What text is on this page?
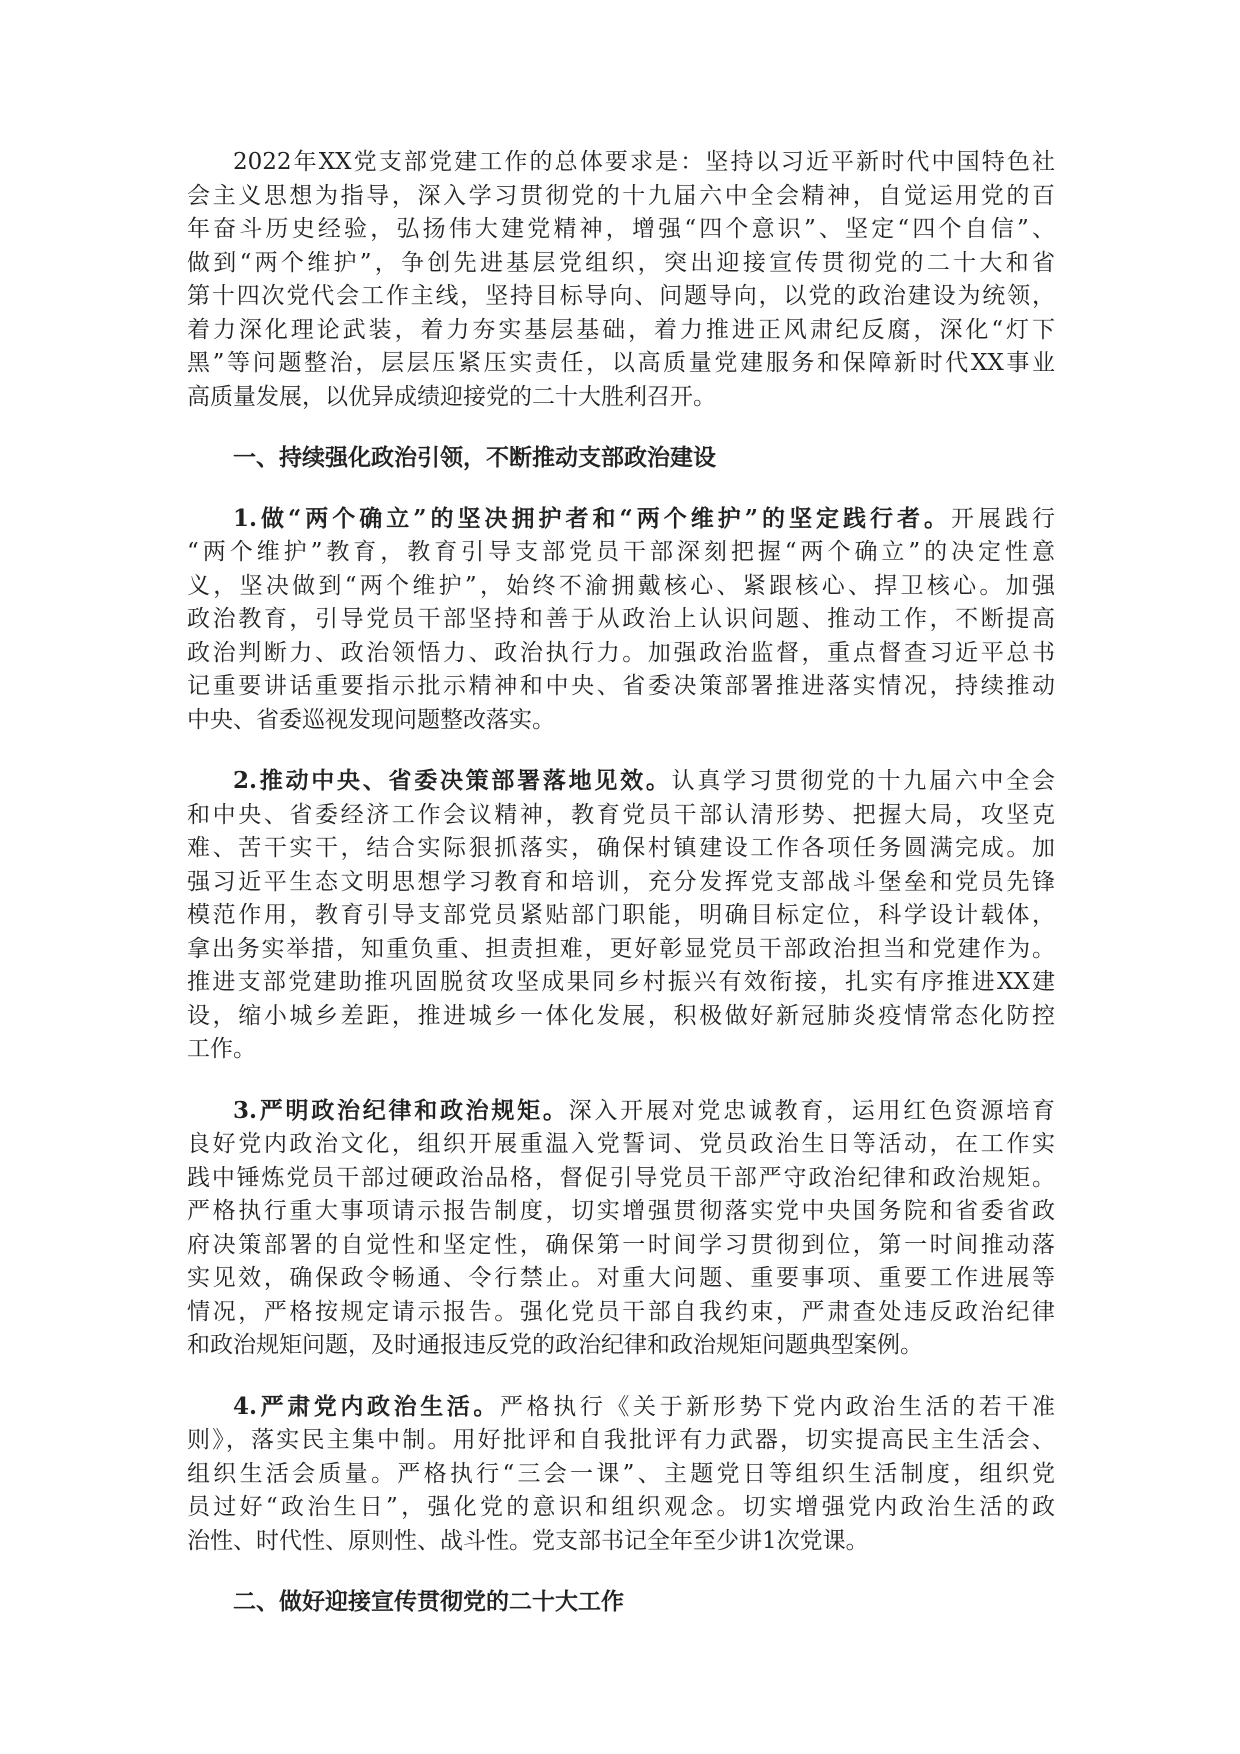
2022年XX党支部党建工作的总体要求是：坚持以习近平新时代中国特色社
会主义思想为指导，深入学习贯彻党的十九届六中全会精神，自觉运用党的百
年奋斗历史经验，弘扬伟大建党精神，增强“四个意识”、坚定“四个自信”、
做到“两个维护”，争创先进基层党组织，突出迎接宣传贯彻党的二十大和省
第十四次党代会工作主线，坚持目标导向、问题导向，以党的政治建设为统领，
着力深化理论武装，着力夯实基层基础，着力推进正风肃纪反腐，深化“灯下
黑”等问题整治，层层压紧压实责任，以高质量党建服务和保障新时代XX事业
高质量发展，以优异成绩迎接党的二十大胜利召开。
一、持续强化政治引领，不断推动支部政治建设
1.做“两个确立”的坚决拥护者和“两个维护”的坚定践行者。开展践行
“两个维护”教育，教育引导支部党员干部深刻把握“两个确立”的决定性意
义，坚决做到“两个维护”，始终不渝拥戴核心、紧跟核心、捍卫核心。加强
政治教育，引导党员干部坚持和善于从政治上认识问题、推动工作，不断提高
政治判断力、政治领悟力、政治执行力。加强政治监督，重点督查习近平总书
记重要讲话重要指示批示精神和中央、省委决策部署推进落实情况，持续推动
中央、省委巡视发现问题整改落实。
2.推动中央、省委决策部署落地见效。认真学习贯彻党的十九届六中全会
和中央、省委经济工作会议精神，教育党员干部认清形势、把握大局，攻坚克
难、苦干实干，结合实际狠抓落实，确保村镇建设工作各项任务圆满完成。加
强习近平生态文明思想学习教育和培训，充分发挥党支部战斗堡垒和党员先锋
模范作用，教育引导支部党员紧贴部门职能，明确目标定位，科学设计载体，
拿出务实举措，知重负重、担责担难，更好彰显党员干部政治担当和党建作为。
推进支部党建助推巩固脱贫攻坚成果同乡村振兴有效衔接，扎实有序推进XX建
设，缩小城乡差距，推进城乡一体化发展，积极做好新冠肺炎疫情常态化防控
工作。
3.严明政治纪律和政治规矩。深入开展对党忠诚教育，运用红色资源培育
良好党内政治文化，组织开展重温入党誓词、党员政治生日等活动，在工作实
践中锤炼党员干部过硬政治品格，督促引导党员干部严守政治纪律和政治规矩。
严格执行重大事项请示报告制度，切实增强贯彻落实党中央国务院和省委省政
府决策部署的自觉性和坚定性，确保第一时间学习贯彻到位，第一时间推动落
实见效，确保政令畅通、令行禁止。对重大问题、重要事项、重要工作进展等
情况，严格按规定请示报告。强化党员干部自我约束，严肃查处违反政治纪律
和政治规矩问题，及时通报违反党的政治纪律和政治规矩问题典型案例。
4.严肃党内政治生活。严格执行《关于新形势下党内政治生活的若干准
则》，落实民主集中制。用好批评和自我批评有力武器，切实提高民主生活会、
组织生活会质量。严格执行“三会一课”、主题党日等组织生活制度，组织党
员过好“政治生日”，强化党的意识和组织观念。切实增强党内政治生活的政
治性、时代性、原则性、战斗性。党支部书记全年至少讲1次党课。
二、做好迎接宣传贯彻党的二十大工作
